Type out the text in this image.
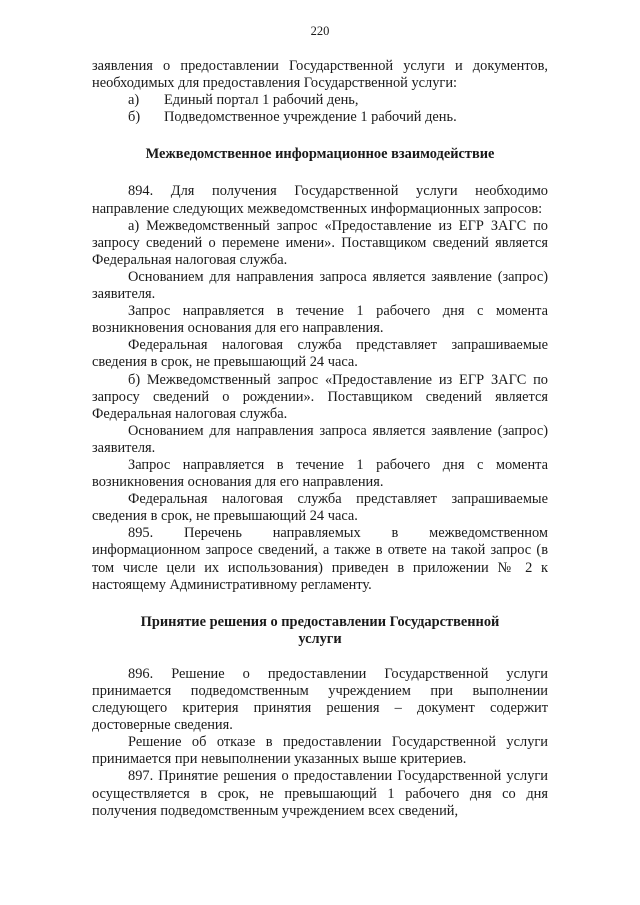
220

заявления о предоставлении Государственной услуги и документов, необходимых для предоставления Государственной услуги:

а)	Единый портал 1 рабочий день,
б)	Подведомственное учреждение 1 рабочий день.
Межведомственное информационное взаимодействие

894. Для получения Государственной услуги необходимо направление следующих межведомственных информационных запросов:

а) Межведомственный запрос «Предоставление из ЕГР ЗАГС по запросу сведений о перемене имени». Поставщиком сведений является Федеральная налоговая служба.

Основанием для направления запроса является заявление (запрос) заявителя.

Запрос направляется в течение 1 рабочего дня с момента возникновения основания для его направления.

Федеральная налоговая служба представляет запрашиваемые сведения в срок, не превышающий 24 часа.

б) Межведомственный запрос «Предоставление из ЕГР ЗАГС по запросу сведений о рождении». Поставщиком сведений является Федеральная налоговая служба.

Основанием для направления запроса является заявление (запрос) заявителя.

Запрос направляется в течение 1 рабочего дня с момента возникновения основания для его направления.

Федеральная налоговая служба представляет запрашиваемые сведения в срок, не превышающий 24 часа.

895. Перечень направляемых в межведомственном информационном запросе сведений, а также в ответе на такой запрос (в том числе цели их использования) приведен в приложении № 2 к настоящему Административному регламенту.

Принятие решения о предоставлении Государственной
услуги

896. Решение о предоставлении Государственной услуги принимается подведомственным учреждением при выполнении следующего критерия принятия решения – документ содержит достоверные сведения.

Решение об отказе в предоставлении Государственной услуги принимается при невыполнении указанных выше критериев.

897. Принятие решения о предоставлении Государственной услуги осуществляется в срок, не превышающий 1 рабочего дня со дня получения подведомственным учреждением всех сведений,
